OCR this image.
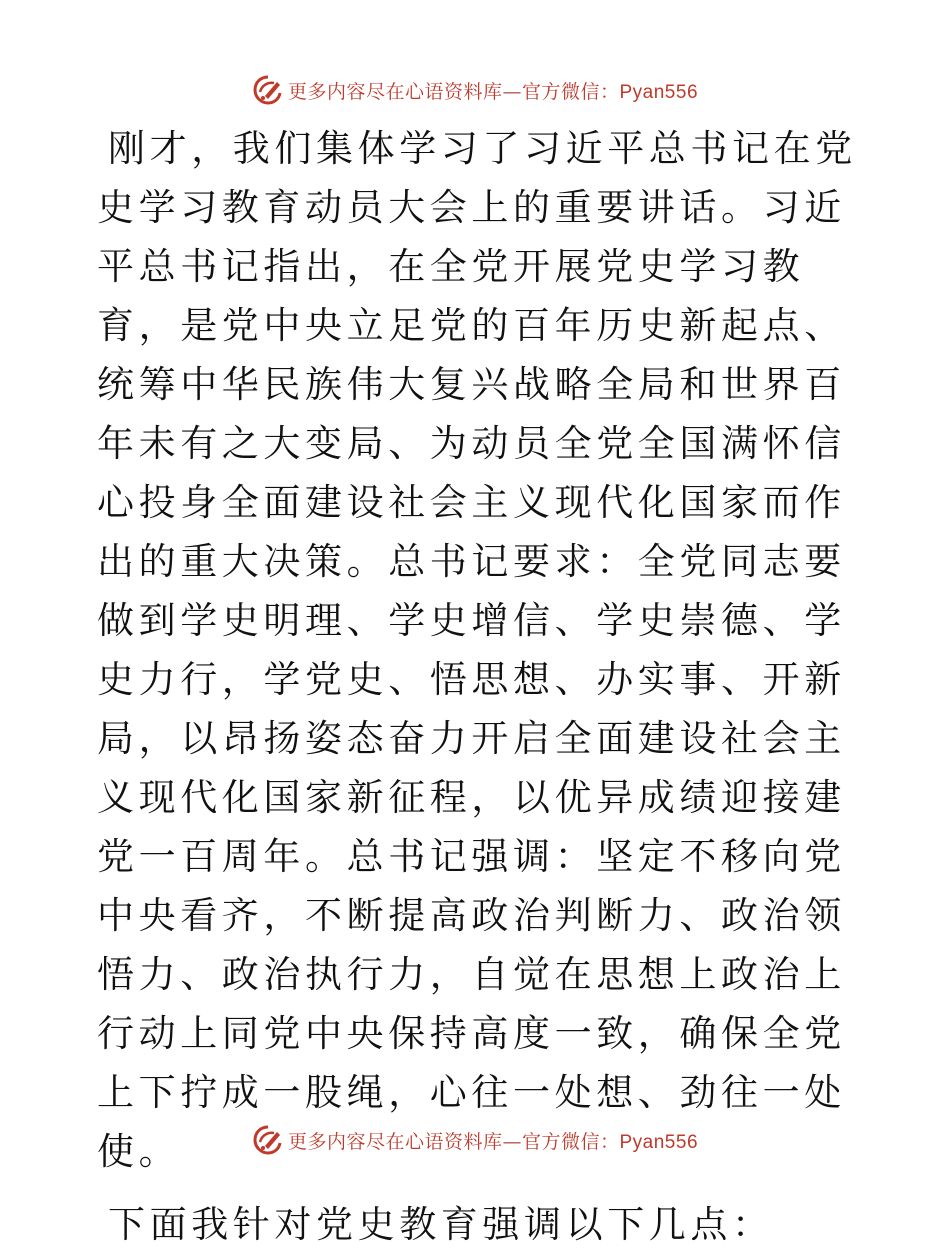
更多内容尽在心语资料库—官方微信：Pyan556

刚才，我们集体学习了习近平总书记在党史学习教育动员大会上的重要讲话。习近平总书记指出，在全党开展党史学习教育，是党中央立足党的百年历史新起点、统筹中华民族伟大复兴战略全局和世界百年未有之大变局、为动员全党全国满怀信心投身全面建设社会主义现代化国家而作出的重大决策。总书记要求：全党同志要做到学史明理、学史增信、学史崇德、学史力行，学党史、悟思想、办实事、开新局，以昂扬姿态奋力开启全面建设社会主义现代化国家新征程，以优异成绩迎接建党一百周年。总书记强调：坚定不移向党中央看齐，不断提高政治判断力、政治领悟力、政治执行力，自觉在思想上政治上行动上同党中央保持高度一致，确保全党上下拧成一股绳，心往一处想、劲往一处使。

下面我针对党史教育强调以下几点：

更多内容尽在心语资料库—官方微信：Pyan556
